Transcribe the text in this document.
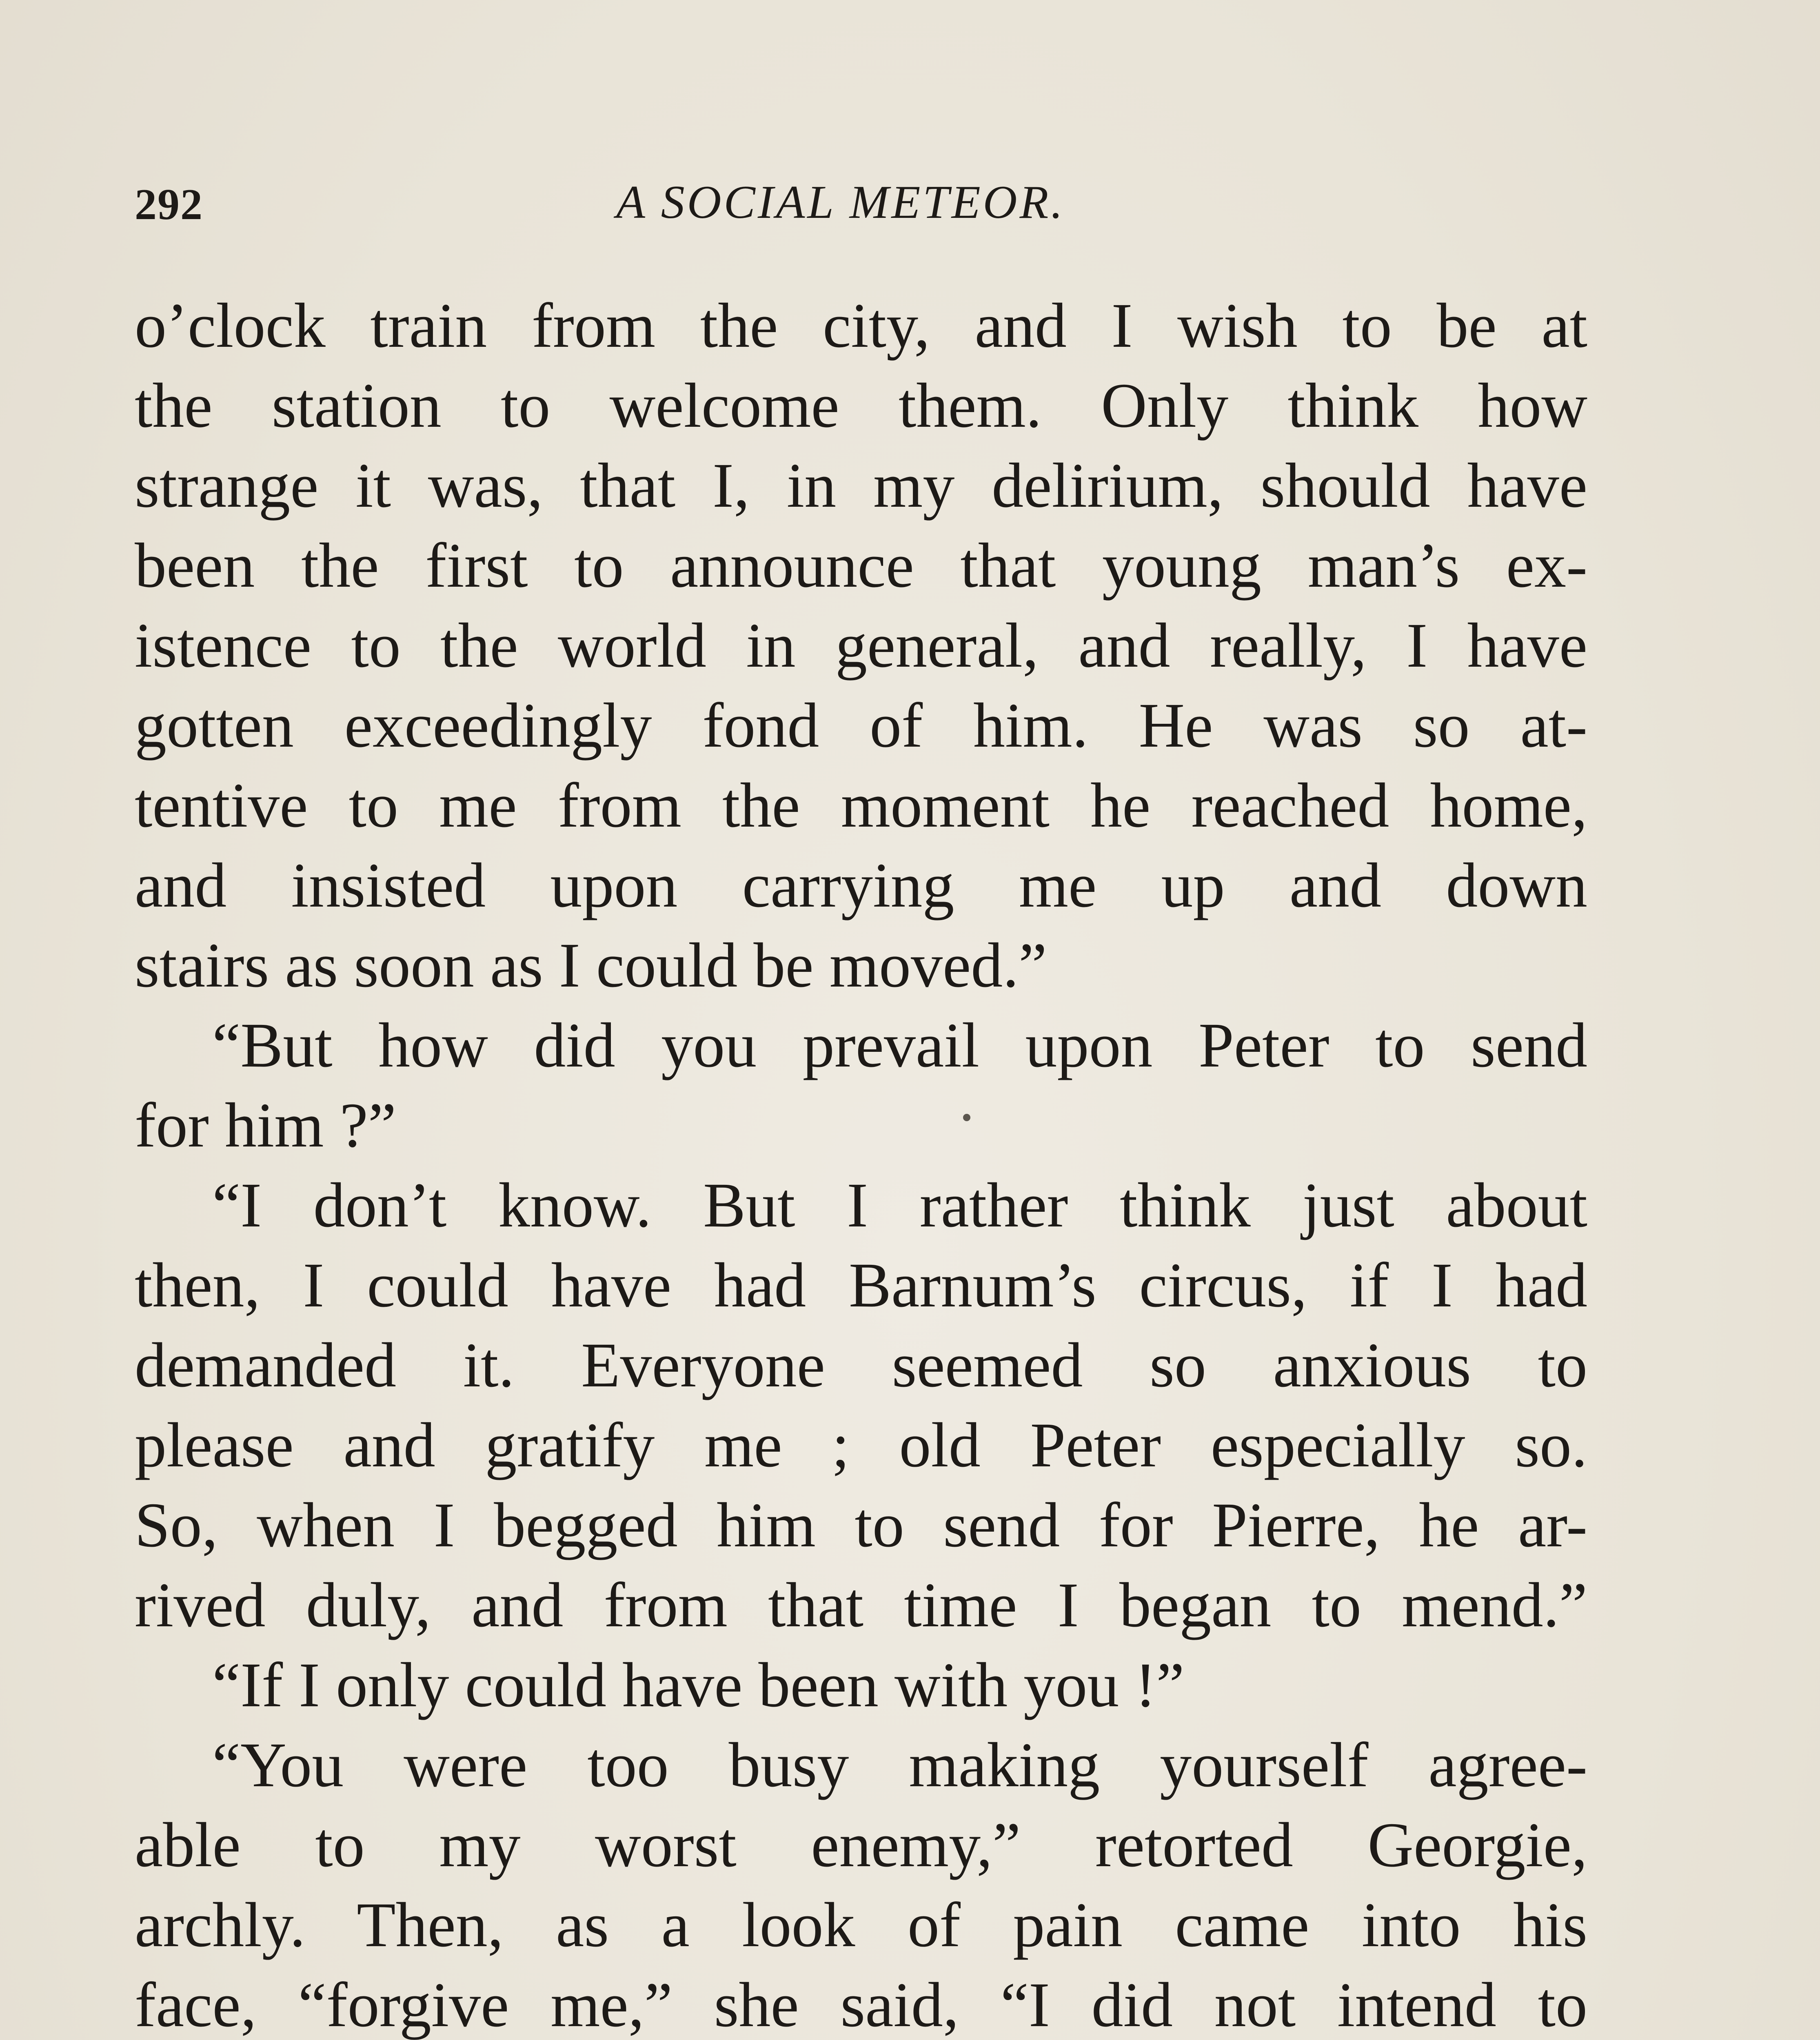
292	A SOCIAL METEOR.
o’clock train from the city, and I wish to be at
the station to welcome them. Only think how
strange it was, that I, in my delirium, should have
been the first to announce that young man’s ex-
istence to the world in general, and really, I have
gotten exceedingly fond of him. He was so at-
tentive to me from the moment he reached home,
and insisted upon carrying me up and down
stairs as soon as I could be moved.”
“But how did you prevail upon Peter to send
for him ?”
“I don’t know. But I rather think just about
then, I could have had Barnum’s circus, if I had
demanded it. Everyone seemed so anxious to
please and gratify me ; old Peter especially so.
So, when I begged him to send for Pierre, he ar-
rived duly, and from that time I began to mend.”
“If I only could have been with you !”
“You were too busy making yourself agree-
able to my worst enemy,” retorted Georgie,
archly. Then, as a look of pain came into his
face, “forgive me,” she said, “I did not intend to
